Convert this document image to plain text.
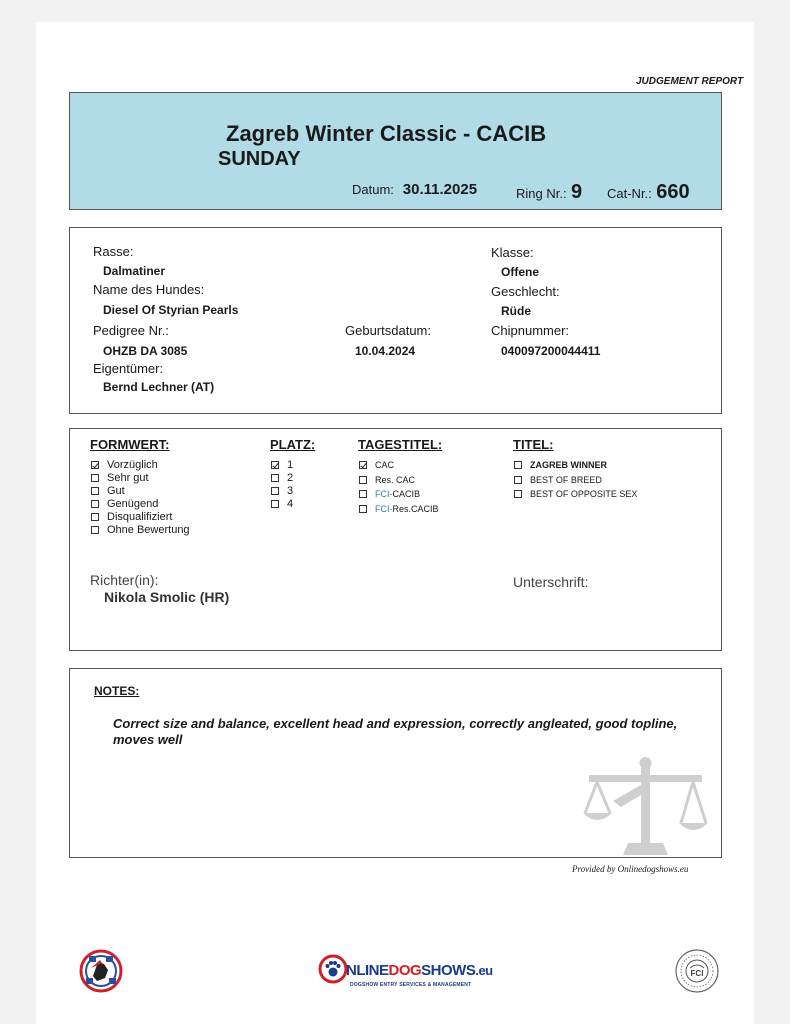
JUDGEMENT REPORT
Zagreb Winter Classic - CACIB
SUNDAY
Datum: 30.11.2025	Ring Nr.: 9 Cat-Nr.: 660
Rasse:
Dalmatiner
Name des Hundes:
Diesel Of Styrian Pearls
Pedigree Nr.:
OHZB DA 3085
Eigentümer:
Bernd Lechner (AT)
Geburtsdatum:
10.04.2024
Klasse:
Offene
Geschlecht:
Rüde
Chipnummer:
040097200044411
FORMWERT:
Vorzüglich
Sehr gut
Gut
Genügend
Disqualifiziert
Ohne Bewertung
PLATZ:
1
2
3
4
TAGESTITEL:
CAC
Res. CAC
FCI- CACIB
FCI- Res.CACIB
TITEL:
ZAGREB WINNER
BEST OF BREED
BEST OF OPPOSITE SEX
Richter(in):
Nikola Smolic (HR)
Unterschrift:
NOTES:
Correct size and balance, excellent head and expression, correctly angleated, good topline, moves well
Provided by Onlinedogshows.eu
NLINEDOGSHOWS.eu
DOGSHOW ENTRY SERVICES & MANAGEMENT
FCI
